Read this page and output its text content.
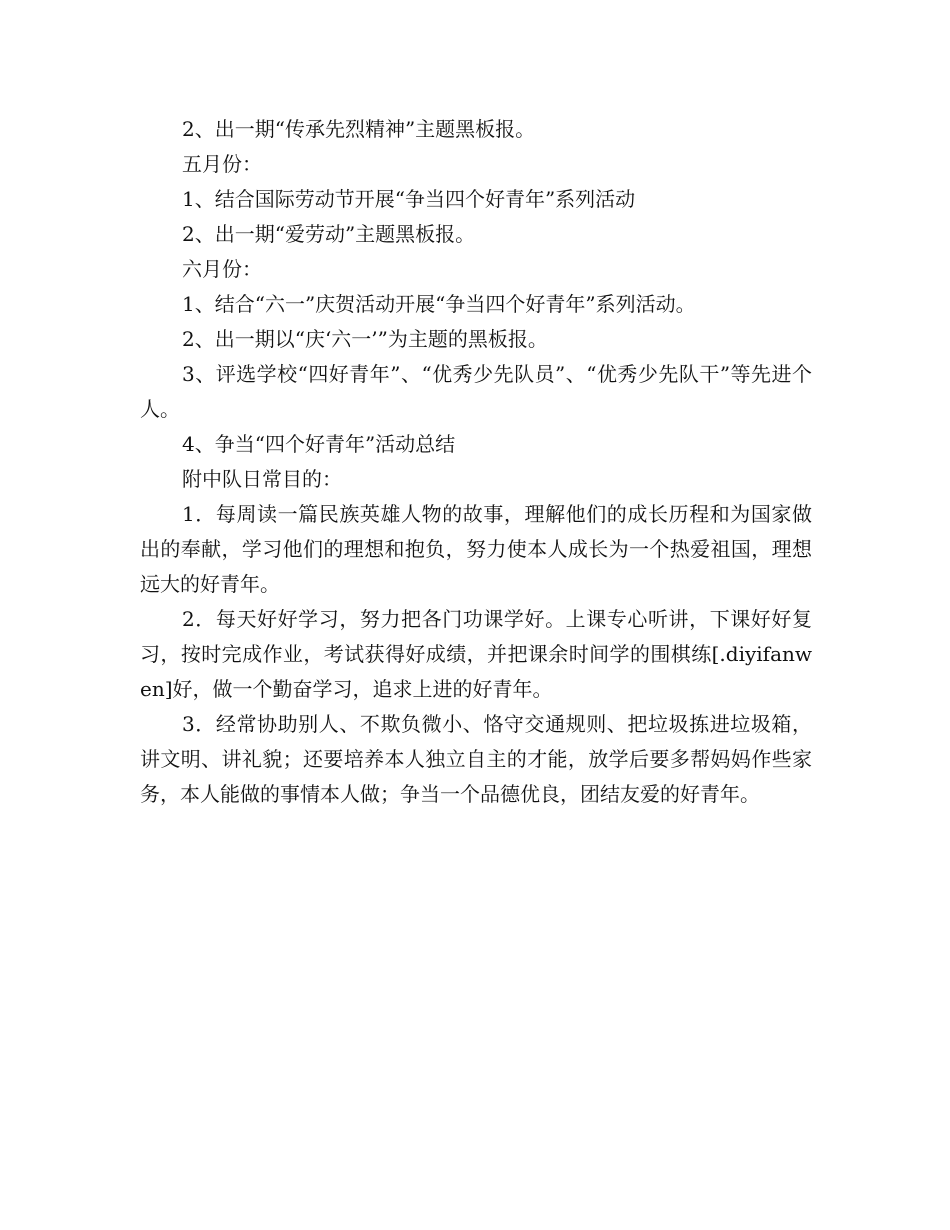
2、出一期“传承先烈精神”主题黑板报。

五月份：

1、结合国际劳动节开展“争当四个好青年”系列活动

2、出一期“爱劳动”主题黑板报。

六月份：

1、结合“六一”庆贺活动开展“争当四个好青年”系列活动。

2、出一期以“庆‘六一’”为主题的黑板报。

3、评选学校“四好青年”、“优秀少先队员”、“优秀少先队干”等先进个人。

4、争当“四个好青年”活动总结

附中队日常目的：

1．每周读一篇民族英雄人物的故事，理解他们的成长历程和为国家做出的奉献，学习他们的理想和抱负，努力使本人成长为一个热爱祖国，理想远大的好青年。

2．每天好好学习，努力把各门功课学好。上课专心听讲，下课好好复习，按时完成作业，考试获得好成绩，并把课余时间学的围棋练[.diyifanwen]好，做一个勤奋学习，追求上进的好青年。

3．经常协助别人、不欺负微小、恪守交通规则、把垃圾拣进垃圾箱，讲文明、讲礼貌；还要培养本人独立自主的才能，放学后要多帮妈妈作些家务，本人能做的事情本人做；争当一个品德优良，团结友爱的好青年。
